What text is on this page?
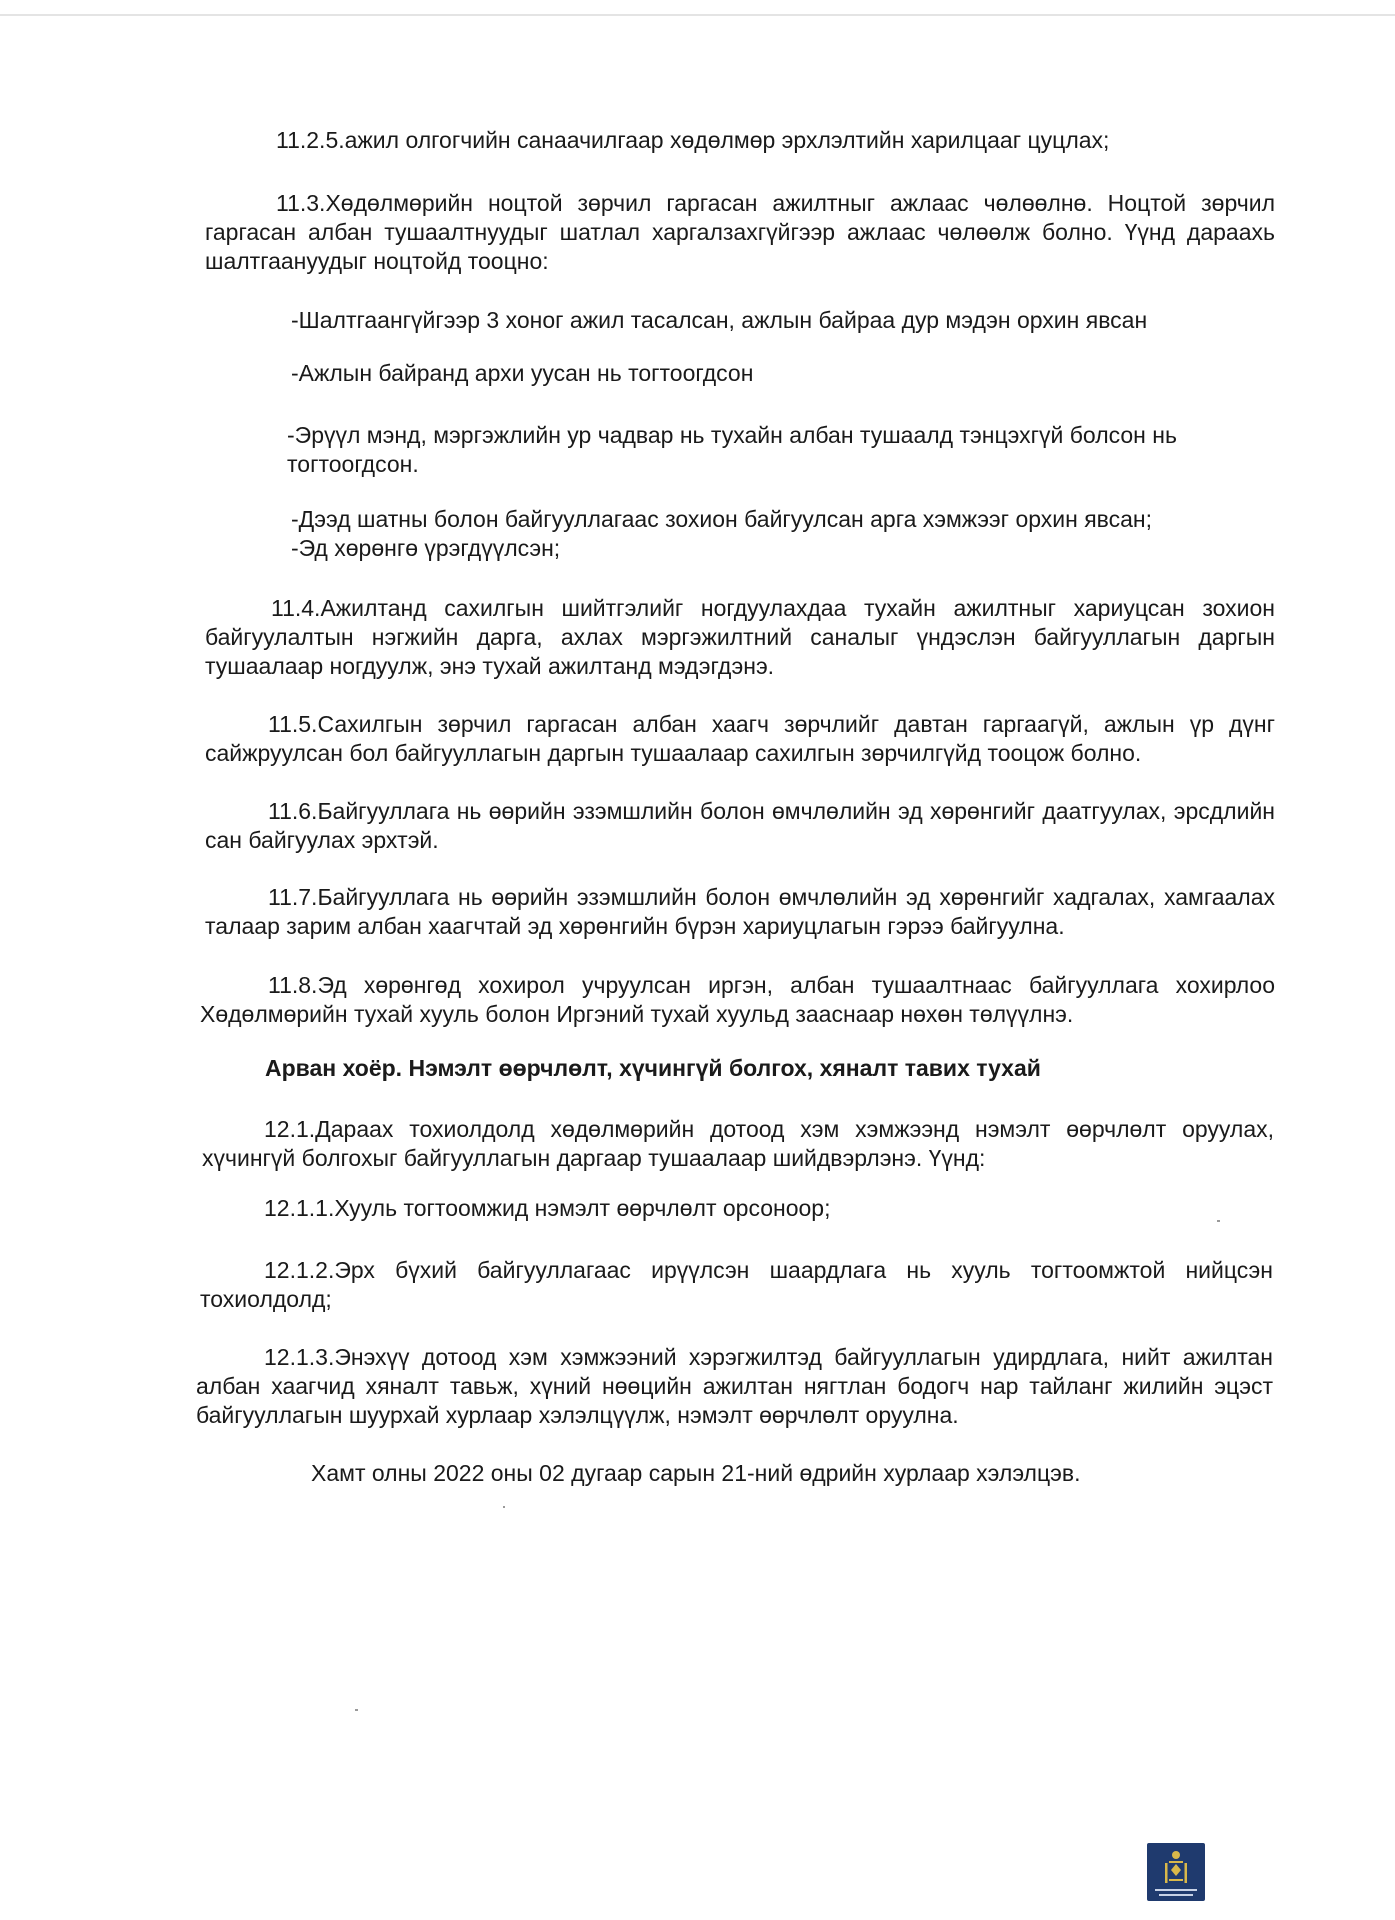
11.2.5.ажил олгогчийн санаачилгаар хөдөлмөр эрхлэлтийн харилцааг цуцлах;

11.3.Хөдөлмөрийн ноцтой зөрчил гаргасан ажилтныг ажлаас чөлөөлнө. Ноцтой зөрчил гаргасан албан тушаалтнуудыг шатлал харгалзахгүйгээр ажлаас чөлөөлж болно. Үүнд дараахь шалтгаануудыг ноцтойд тооцно:

-Шалтгаангүйгээр 3 хоног ажил тасалсан, ажлын байраа дур мэдэн орхин явсан

-Ажлын байранд архи уусан нь тогтоогдсон

-Эрүүл мэнд, мэргэжлийн ур чадвар нь тухайн албан тушаалд тэнцэхгүй болсон нь тогтоогдсон.

-Дээд шатны болон байгууллагаас зохион байгуулсан арга хэмжээг орхин явсан;

-Эд хөрөнгө үрэгдүүлсэн;

11.4.Ажилтанд сахилгын шийтгэлийг ногдуулахдаа тухайн ажилтныг хариуцсан зохион байгуулалтын нэгжийн дарга, ахлах мэргэжилтний саналыг үндэслэн байгууллагын даргын тушаалаар ногдуулж, энэ тухай ажилтанд мэдэгдэнэ.

11.5.Сахилгын зөрчил гаргасан албан хаагч зөрчлийг давтан гаргаагүй, ажлын үр дүнг сайжруулсан бол байгууллагын даргын тушаалаар сахилгын зөрчилгүйд тооцож болно.

11.6.Байгууллага нь өөрийн эзэмшлийн болон өмчлөлийн эд хөрөнгийг даатгуулах, эрсдлийн сан байгуулах эрхтэй.

11.7.Байгууллага нь өөрийн эзэмшлийн болон өмчлөлийн эд хөрөнгийг хадгалах, хамгаалах талаар зарим албан хаагчтай эд хөрөнгийн бүрэн хариуцлагын гэрээ байгуулна.

11.8.Эд хөрөнгөд хохирол учруулсан иргэн, албан тушаалтнаас байгууллага хохирлоо Хөдөлмөрийн тухай хууль болон Иргэний тухай хуульд зааснаар нөхөн төлүүлнэ.

Арван хоёр. Нэмэлт өөрчлөлт, хүчингүй болгох, хяналт тавих тухай

12.1.Дараах тохиолдолд хөдөлмөрийн дотоод хэм хэмжээнд нэмэлт өөрчлөлт оруулах, хүчингүй болгохыг байгууллагын даргаар тушаалаар шийдвэрлэнэ. Үүнд:

12.1.1.Хууль тогтоомжид нэмэлт өөрчлөлт орсоноор;

12.1.2.Эрх бүхий байгууллагаас ирүүлсэн шаардлага нь хууль тогтоомжтой нийцсэн тохиолдолд;

12.1.3.Энэхүү дотоод хэм хэмжээний хэрэгжилтэд байгууллагын удирдлага, нийт ажилтан албан хаагчид хяналт тавьж, хүний нөөцийн ажилтан нягтлан бодогч нар тайланг жилийн эцэст байгууллагын шуурхай хурлаар хэлэлцүүлж, нэмэлт өөрчлөлт оруулна.

Хамт олны 2022 оны 02 дугаар сарын 21-ний өдрийн хурлаар хэлэлцэв.
